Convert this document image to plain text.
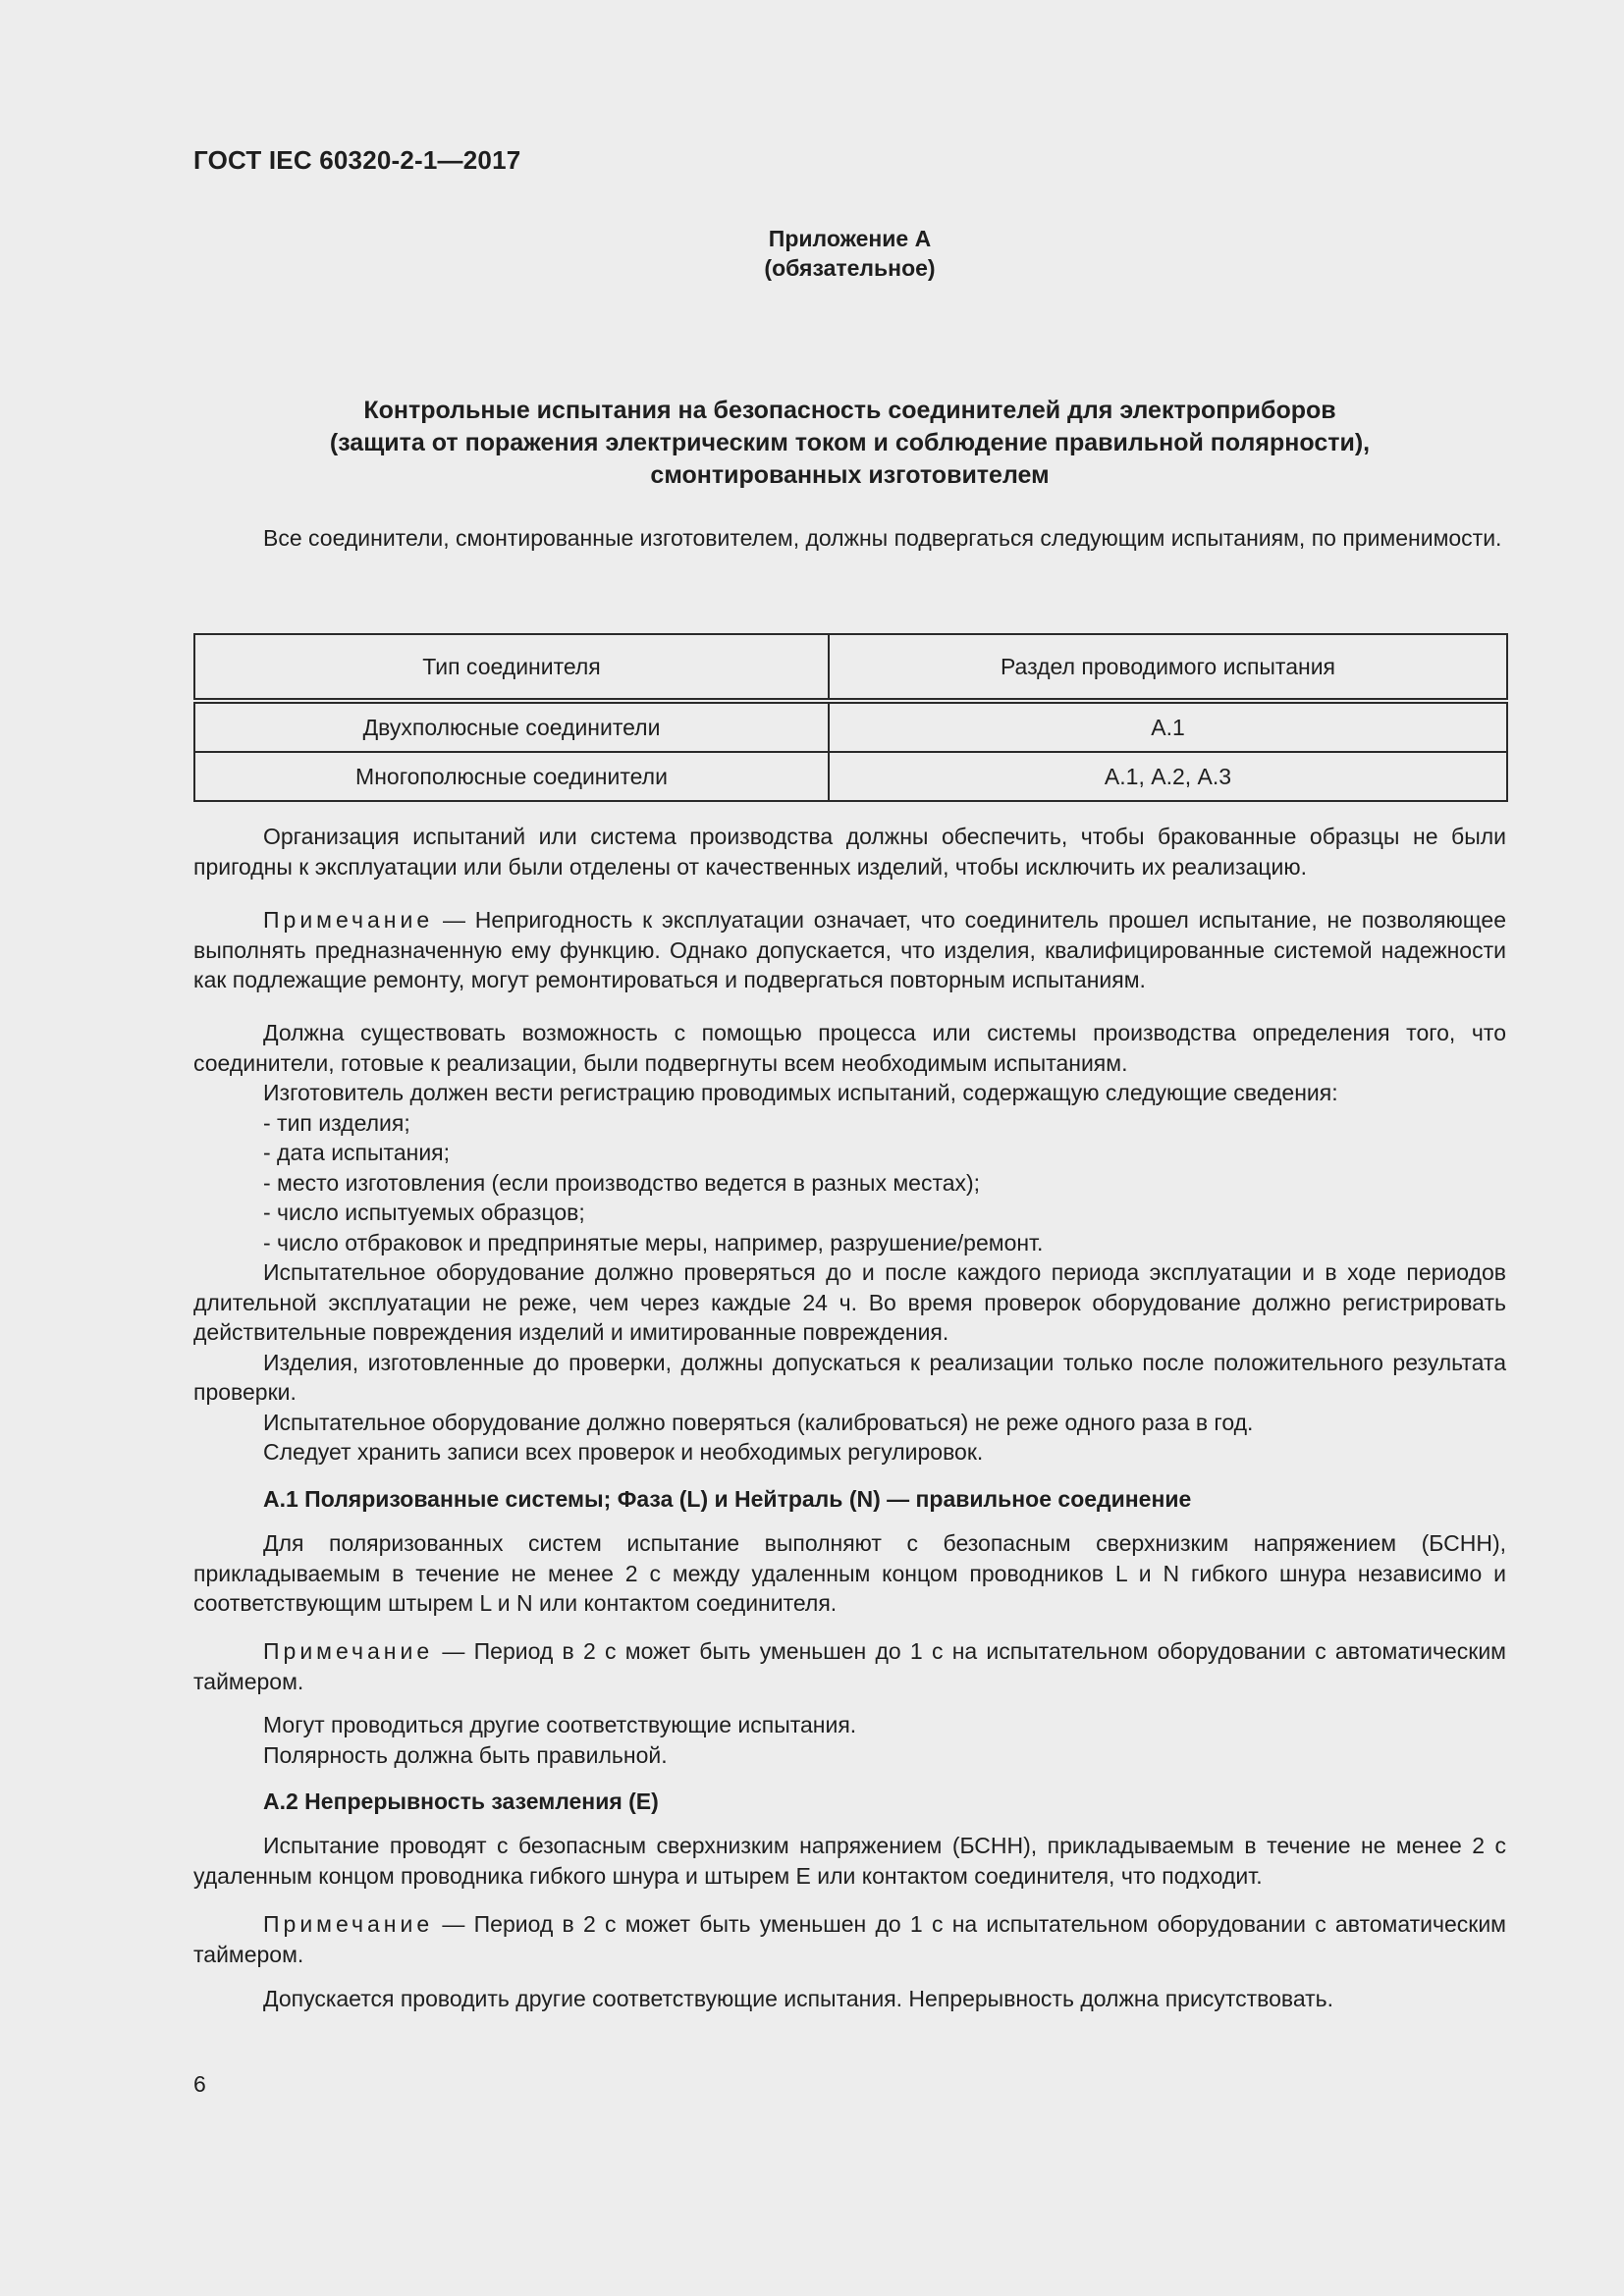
ГОСТ IEC 60320-2-1—2017
Приложение А
(обязательное)
Контрольные испытания на безопасность соединителей для электроприборов
(защита от поражения электрическим током и соблюдение правильной полярности),
смонтированных изготовителем
Все соединители, смонтированные изготовителем, должны подвергаться следующим испытаниям, по применимости.
Тип соединителя	Раздел проводимого испытания
Двухполюсные соединители	А.1
Многополюсные соединители	А.1, А.2, А.3
Организация испытаний или система производства должны обеспечить, чтобы бракованные образцы не были пригодны к эксплуатации или были отделены от качественных изделий, чтобы исключить их реализацию.
Примечание — Непригодность к эксплуатации означает, что соединитель прошел испытание, не позволяющее выполнять предназначенную ему функцию. Однако допускается, что изделия, квалифицированные системой надежности как подлежащие ремонту, могут ремонтироваться и подвергаться повторным испытаниям.
Должна существовать возможность с помощью процесса или системы производства определения того, что соединители, готовые к реализации, были подвергнуты всем необходимым испытаниям.
Изготовитель должен вести регистрацию проводимых испытаний, содержащую следующие сведения:
- тип изделия;
- дата испытания;
- место изготовления (если производство ведется в разных местах);
- число испытуемых образцов;
- число отбраковок и предпринятые меры, например, разрушение/ремонт.
Испытательное оборудование должно проверяться до и после каждого периода эксплуатации и в ходе периодов длительной эксплуатации не реже, чем через каждые 24 ч. Во время проверок оборудование должно регистрировать действительные повреждения изделий и имитированные повреждения.
Изделия, изготовленные до проверки, должны допускаться к реализации только после положительного результата проверки.
Испытательное оборудование должно поверяться (калиброваться) не реже одного раза в год.
Следует хранить записи всех проверок и необходимых регулировок.
А.1 Поляризованные системы; Фаза (L) и Нейтраль (N) — правильное соединение
Для поляризованных систем испытание выполняют с безопасным сверхнизким напряжением (БСНН), прикладываемым в течение не менее 2 с между удаленным концом проводников L и N гибкого шнура независимо и соответствующим штырем L и N или контактом соединителя.
Примечание — Период в 2 с может быть уменьшен до 1 с на испытательном оборудовании с автоматическим таймером.
Могут проводиться другие соответствующие испытания.
Полярность должна быть правильной.
А.2 Непрерывность заземления (Е)
Испытание проводят с безопасным сверхнизким напряжением (БСНН), прикладываемым в течение не менее 2 с удаленным концом проводника гибкого шнура и штырем Е или контактом соединителя, что подходит.
Примечание — Период в 2 с может быть уменьшен до 1 с на испытательном оборудовании с автоматическим таймером.
Допускается проводить другие соответствующие испытания. Непрерывность должна присутствовать.
6
